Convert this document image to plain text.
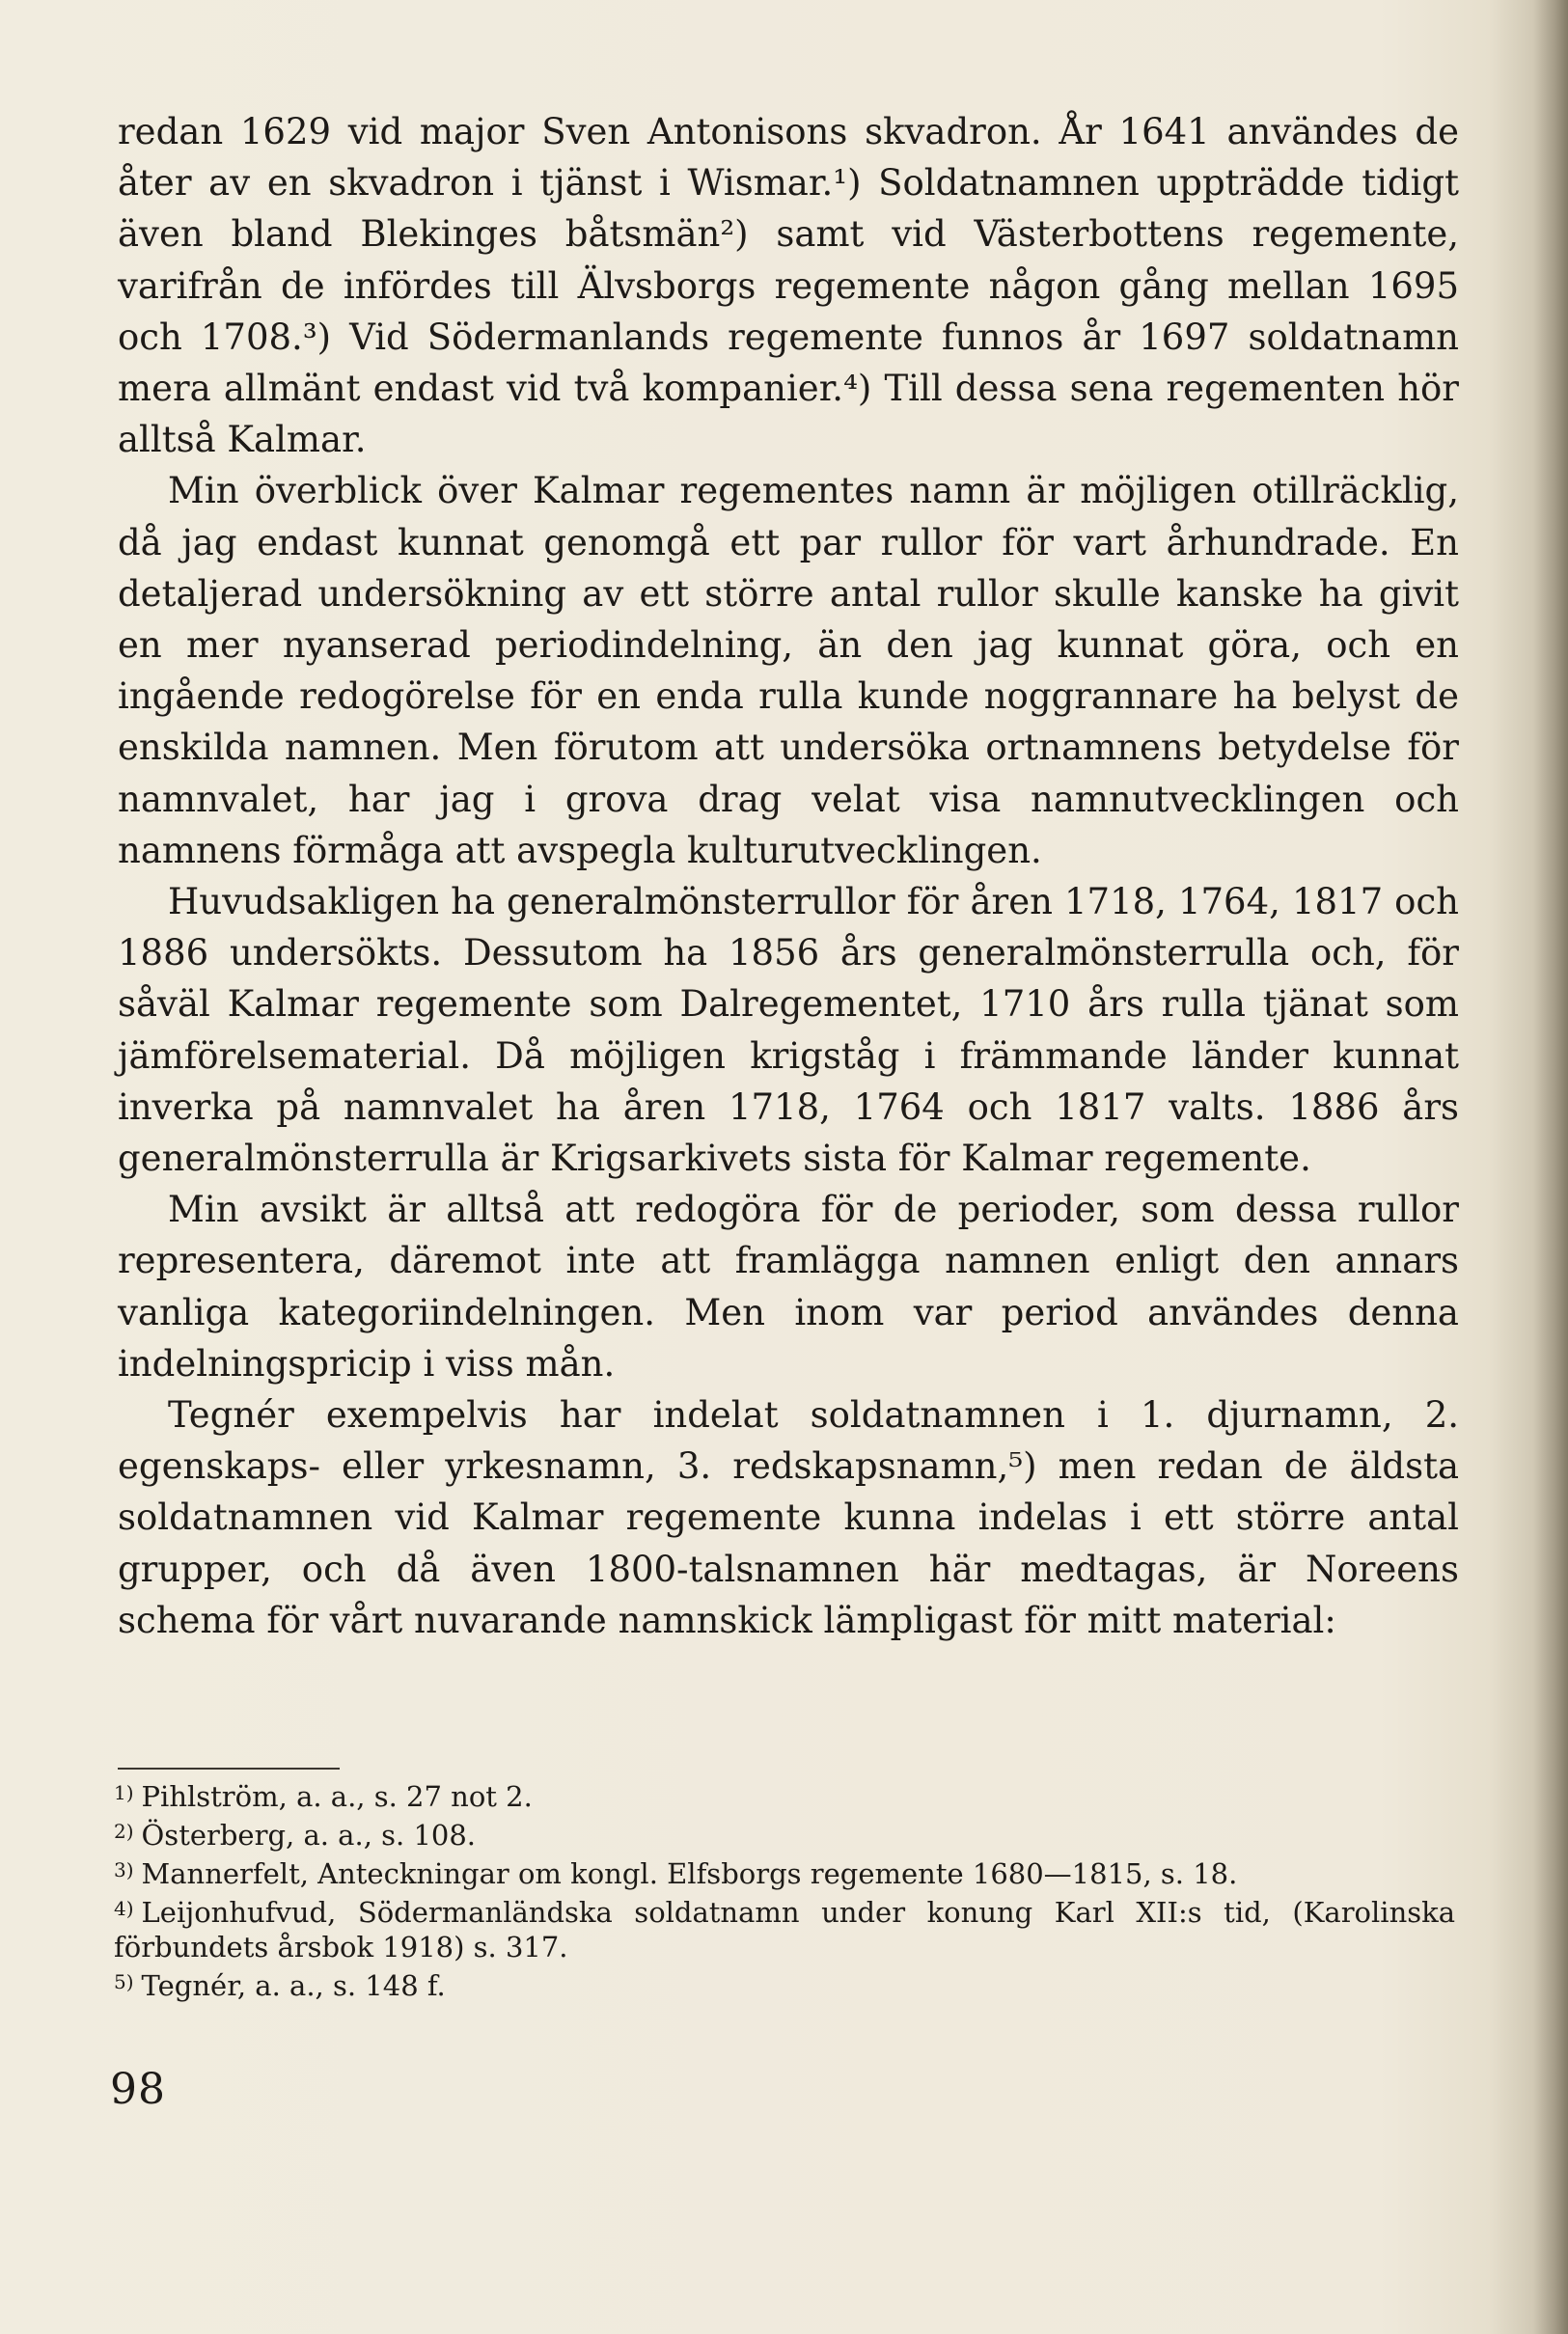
redan 1629 vid major Sven Antonisons skvadron. År 1641 användes de åter av en skvadron i tjänst i Wismar.¹) Soldatnamnen uppträdde tidigt även bland Blekinges båtsmän²) samt vid Västerbottens regemente, varifrån de infördes till Älvsborgs regemente någon gång mellan 1695 och 1708.³) Vid Södermanlands regemente funnos år 1697 soldatnamn mera allmänt endast vid två kompanier.⁴) Till dessa sena regementen hör alltså Kalmar.

Min överblick över Kalmar regementes namn är möjligen otillräcklig, då jag endast kunnat genomgå ett par rullor för vart århundrade. En detaljerad undersökning av ett större antal rullor skulle kanske ha givit en mer nyanserad periodindelning, än den jag kunnat göra, och en ingående redogörelse för en enda rulla kunde noggrannare ha belyst de enskilda namnen. Men förutom att undersöka ortnamnens betydelse för namnvalet, har jag i grova drag velat visa namnutvecklingen och namnens förmåga att avspegla kulturutvecklingen.

Huvudsakligen ha generalmönsterrullor för åren 1718, 1764, 1817 och 1886 undersökts. Dessutom ha 1856 års generalmönsterrulla och, för såväl Kalmar regemente som Dalregementet, 1710 års rulla tjänat som jämförelsematerial. Då möjligen krigståg i främmande länder kunnat inverka på namnvalet ha åren 1718, 1764 och 1817 valts. 1886 års generalmönsterrulla är Krigsarkivets sista för Kalmar regemente.

Min avsikt är alltså att redogöra för de perioder, som dessa rullor representera, däremot inte att framlägga namnen enligt den annars vanliga kategoriindelningen. Men inom var period användes denna indelningspricip i viss mån.

Tegnér exempelvis har indelat soldatnamnen i 1. djurnamn, 2. egenskaps- eller yrkesnamn, 3. redskapsnamn,⁵) men redan de äldsta soldatnamnen vid Kalmar regemente kunna indelas i ett större antal grupper, och då även 1800-talsnamnen här medtagas, är Noreens schema för vårt nuvarande namnskick lämpligast för mitt material:

$^{1)}$ Pihlström, a. a., s. 27 not 2.

$^{2)}$ Österberg, a. a., s. 108.

$^{3)}$ Mannerfelt, Anteckningar om kongl. Elfsborgs regemente 1680—1815, s. 18.

$^{4)}$ Leijonhufvud, Södermanländska soldatnamn under konung Karl XII:s tid, (Karolinska förbundets årsbok 1918) s. 317.

$^{5)}$ Tegnér, a. a., s. 148 f.

98
